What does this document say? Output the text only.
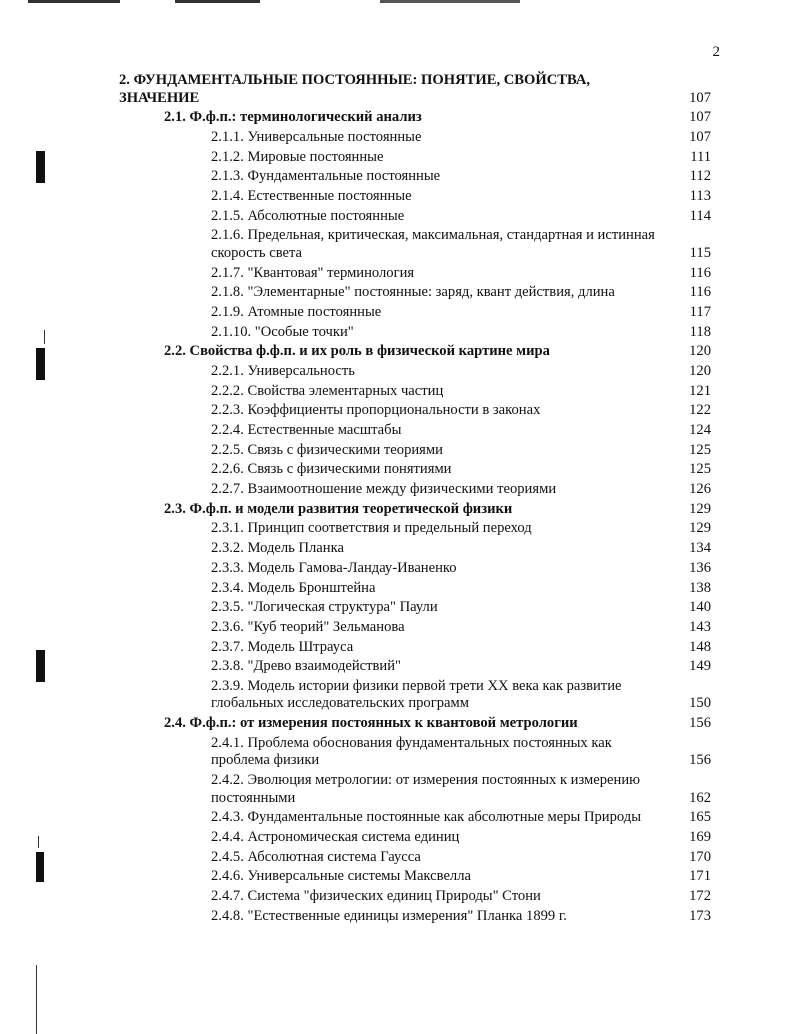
2
2. ФУНДАМЕНТАЛЬНЫЕ ПОСТОЯННЫЕ: ПОНЯТИЕ, СВОЙСТВА, ЗНАЧЕНИЕ	107
2.1. Ф.ф.п.: терминологический анализ	107
2.1.1. Универсальные постоянные	107
2.1.2. Мировые постоянные	111
2.1.3. Фундаментальные постоянные	112
2.1.4. Естественные постоянные	113
2.1.5. Абсолютные постоянные	114
2.1.6. Предельная, критическая, максимальная, стандартная и истинная скорость света	115
2.1.7. "Квантовая" терминология	116
2.1.8. "Элементарные" постоянные: заряд, квант действия, длина	116
2.1.9. Атомные постоянные	117
2.1.10. "Особые точки"	118
2.2. Свойства ф.ф.п. и их роль в физической картине мира	120
2.2.1. Универсальность	120
2.2.2. Свойства элементарных частиц	121
2.2.3. Коэффициенты пропорциональности в законах	122
2.2.4. Естественные масштабы	124
2.2.5. Связь с физическими теориями	125
2.2.6. Связь с физическими понятиями	125
2.2.7. Взаимоотношение между физическими теориями	126
2.3. Ф.ф.п. и модели развития теоретической физики	129
2.3.1. Принцип соответствия и предельный переход	129
2.3.2. Модель Планка	134
2.3.3. Модель Гамова-Ландау-Иваненко	136
2.3.4. Модель Бронштейна	138
2.3.5. "Логическая структура" Паули	140
2.3.6. "Куб теорий" Зельманова	143
2.3.7. Модель Штрауса	148
2.3.8. "Древо взаимодействий"	149
2.3.9. Модель истории физики первой трети XX века как развитие глобальных исследовательских программ	150
2.4. Ф.ф.п.: от измерения постоянных к квантовой метрологии	156
2.4.1. Проблема обоснования фундаментальных постоянных как проблема физики	156
2.4.2. Эволюция метрологии: от измерения постоянных к измерению постоянными	162
2.4.3. Фундаментальные постоянные как абсолютные меры Природы	165
2.4.4. Астрономическая система единиц	169
2.4.5. Абсолютная система Гаусса	170
2.4.6. Универсальные системы Максвелла	171
2.4.7. Система "физических единиц Природы" Стони	172
2.4.8. "Естественные единицы измерения" Планка 1899 г.	173
